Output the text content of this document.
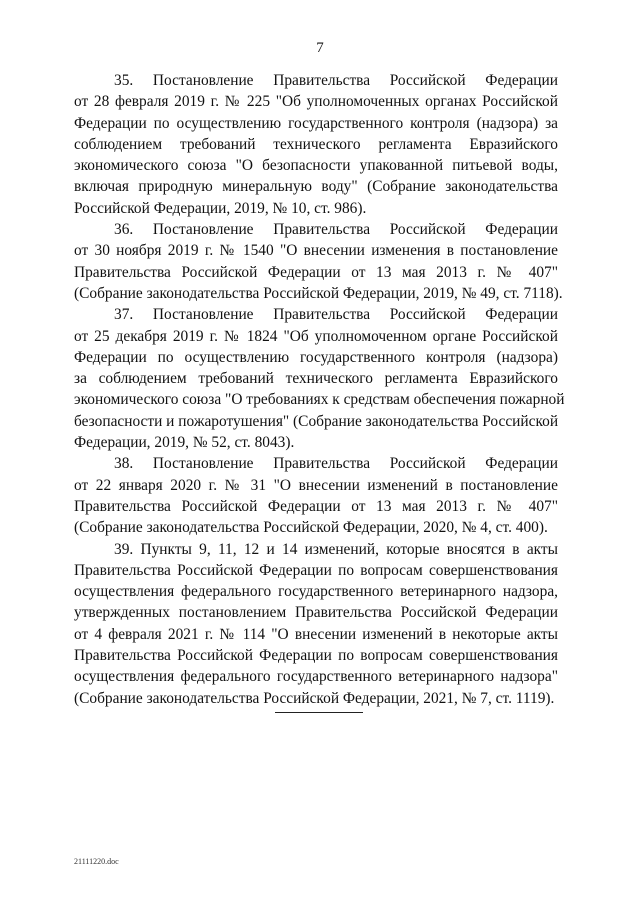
7
35. Постановление Правительства Российской Федерации
от 28 февраля 2019 г. № 225 "Об уполномоченных органах Российской
Федерации по осуществлению государственного контроля (надзора) за
соблюдением требований технического регламента Евразийского
экономического союза "О безопасности упакованной питьевой воды,
включая природную минеральную воду" (Собрание законодательства
Российской Федерации, 2019, № 10, ст. 986).
36. Постановление Правительства Российской Федерации
от 30 ноября 2019 г. № 1540 "О внесении изменения в постановление
Правительства Российской Федерации от 13 мая 2013 г. № 407"
(Собрание законодательства Российской Федерации, 2019, № 49, ст. 7118).
37. Постановление Правительства Российской Федерации
от 25 декабря 2019 г. № 1824 "Об уполномоченном органе Российской
Федерации по осуществлению государственного контроля (надзора)
за соблюдением требований технического регламента Евразийского
экономического союза "О требованиях к средствам обеспечения пожарной
безопасности и пожаротушения" (Собрание законодательства Российской
Федерации, 2019, № 52, ст. 8043).
38. Постановление Правительства Российской Федерации
от 22 января 2020 г. № 31 "О внесении изменений в постановление
Правительства Российской Федерации от 13 мая 2013 г. № 407"
(Собрание законодательства Российской Федерации, 2020, № 4, ст. 400).
39. Пункты 9, 11, 12 и 14 изменений, которые вносятся в акты
Правительства Российской Федерации по вопросам совершенствования
осуществления федерального государственного ветеринарного надзора,
утвержденных постановлением Правительства Российской Федерации
от 4 февраля 2021 г. № 114 "О внесении изменений в некоторые акты
Правительства Российской Федерации по вопросам совершенствования
осуществления федерального государственного ветеринарного надзора"
(Собрание законодательства Российской Федерации, 2021, № 7, ст. 1119).
21111220.doc
